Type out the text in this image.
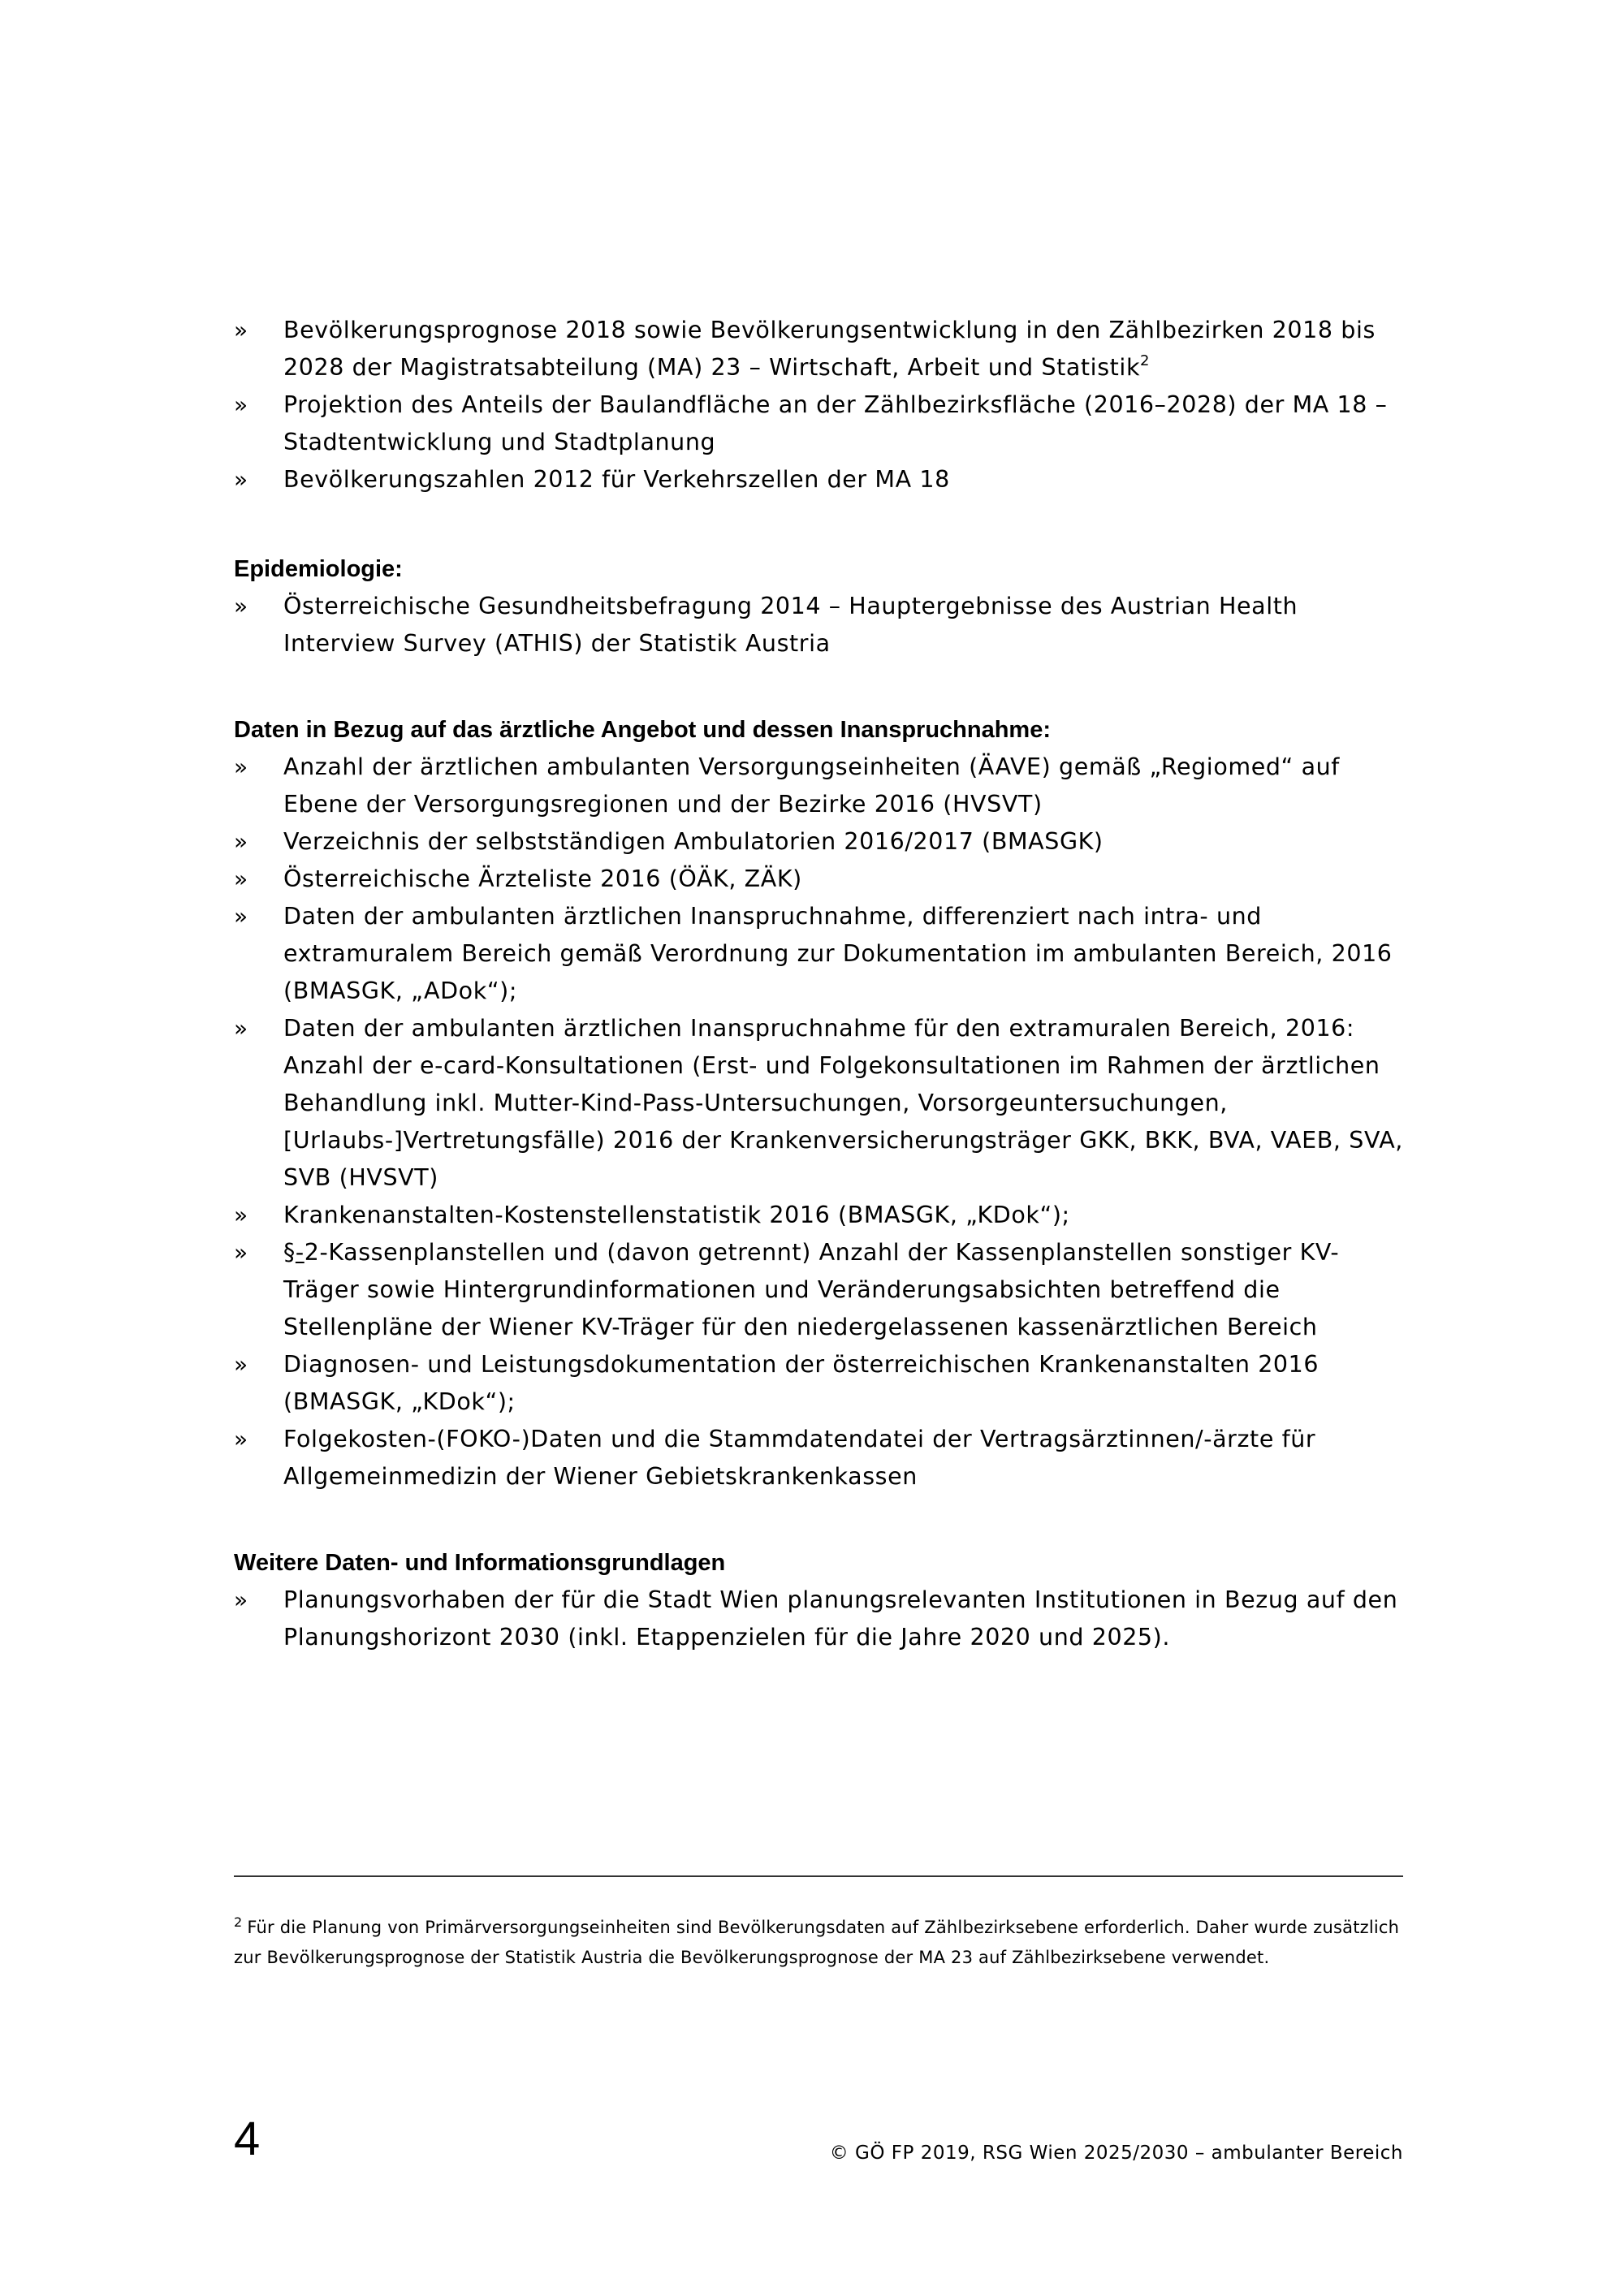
» Bevölkerungsprognose 2018 sowie Bevölkerungsentwicklung in den Zählbezirken 2018 bis 2028 der Magistratsabteilung (MA) 23 – Wirtschaft, Arbeit und Statistik$^2$
» Projektion des Anteils der Baulandfläche an der Zählbezirksfläche (2016–2028) der MA 18 – Stadtentwicklung und Stadtplanung
» Bevölkerungszahlen 2012 für Verkehrszellen der MA 18
Epidemiologie:
» Österreichische Gesundheitsbefragung 2014 – Hauptergebnisse des Austrian Health Interview Survey (ATHIS) der Statistik Austria
Daten in Bezug auf das ärztliche Angebot und dessen Inanspruchnahme:
» Anzahl der ärztlichen ambulanten Versorgungseinheiten (ÄAVE) gemäß „Regiomed“ auf Ebene der Versorgungsregionen und der Bezirke 2016 (HVSVT)
» Verzeichnis der selbstständigen Ambulatorien 2016/2017 (BMASGK)
» Österreichische Ärzteliste 2016 (ÖÄK, ZÄK)
» Daten der ambulanten ärztlichen Inanspruchnahme, differenziert nach intra- und extramuralem Bereich gemäß Verordnung zur Dokumentation im ambulanten Bereich, 2016 (BMASGK, „ADok“);
» Daten der ambulanten ärztlichen Inanspruchnahme für den extramuralen Bereich, 2016: Anzahl der e-card-Konsultationen (Erst- und Folgekonsultationen im Rahmen der ärztlichen Behandlung inkl. Mutter-Kind-Pass-Untersuchungen, Vorsorgeuntersuchungen, [Urlaubs-]Vertretungsfälle) 2016 der Krankenversicherungsträger GKK, BKK, BVA, VAEB, SVA, SVB (HVSVT)
» Krankenanstalten-Kostenstellenstatistik 2016 (BMASGK, „KDok“);
» §-2-Kassenplanstellen und (davon getrennt) Anzahl der Kassenplanstellen sonstiger KV-Träger sowie Hintergrundinformationen und Veränderungsabsichten betreffend die Stellenpläne der Wiener KV-Träger für den niedergelassenen kassenärztlichen Bereich
» Diagnosen- und Leistungsdokumentation der österreichischen Krankenanstalten 2016 (BMASGK, „KDok“);
» Folgekosten-(FOKO-)Daten und die Stammdatendatei der Vertragsärztinnen/-ärzte für Allgemeinmedizin der Wiener Gebietskrankenkassen
Weitere Daten- und Informationsgrundlagen
» Planungsvorhaben der für die Stadt Wien planungsrelevanten Institutionen in Bezug auf den Planungshorizont 2030 (inkl. Etappenzielen für die Jahre 2020 und 2025).
$^2$ Für die Planung von Primärversorgungseinheiten sind Bevölkerungsdaten auf Zählbezirksebene erforderlich. Daher wurde zusätzlich zur Bevölkerungsprognose der Statistik Austria die Bevölkerungsprognose der MA 23 auf Zählbezirksebene verwendet.
4	© GÖ FP 2019, RSG Wien 2025/2030 – ambulanter Bereich
